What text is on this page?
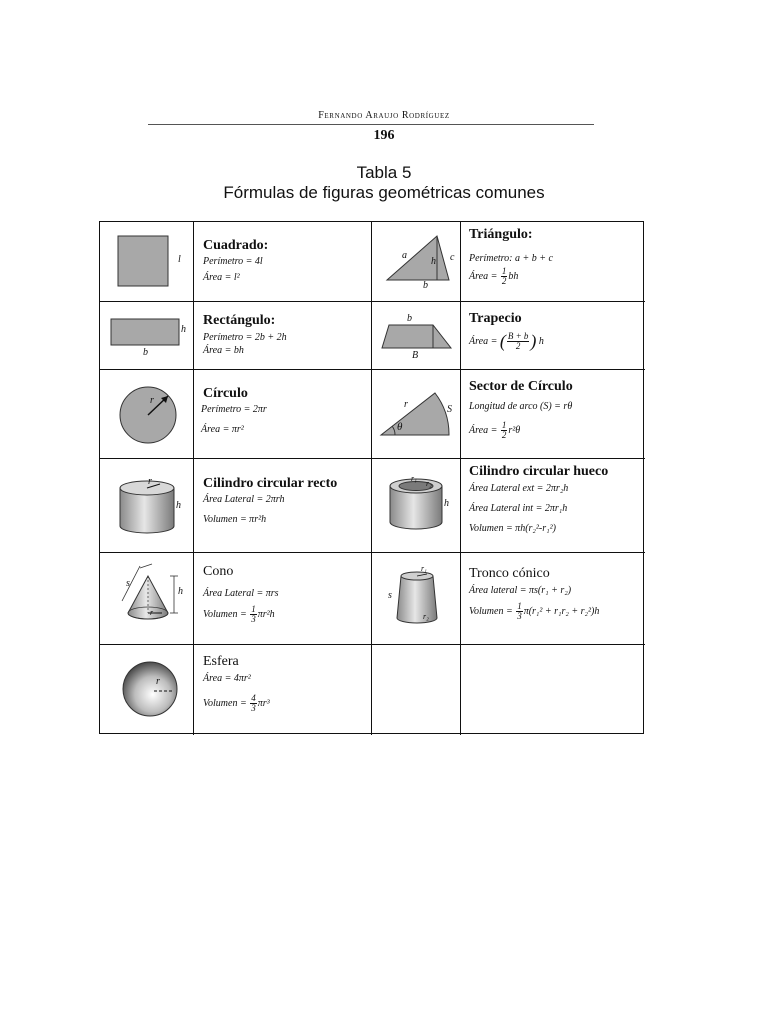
Fernando Araujo Rodríguez
196
Tabla 5
Fórmulas de figuras geométricas comunes
l
Cuadrado:
Perímetro = 4l
Área = l²
a
h c
b
Triángulo:
Perímetro: a + b + c
Área = $\frac{1}{2}$ bh
h
b
Rectángulo:
Perímetro = 2b + 2h
Área = bh
b
B
Trapecio
Área = ( $\frac{B + b}{2}$ ) h
r	Círculo
Perímetro = 2πr
Área = πr²
r	S
θ
Sector de Círculo
Longitud de arco (S) = rθ
Área = $\frac{1}{2} r^2\theta$
r
h
Cilindro circular recto
Área Lateral = 2πrh
Volumen = πr²h
r₁
r₂
h
Cilindro circular hueco
Área Lateral ext = 2πr₂h
Área Lateral int = 2πr₁h
Volumen = πh(r₂²-r₁²)
s
h
r
Cono
Área Lateral = πrs
Volumen = $\frac{1}{3} \pi r^2h$
s
r₁
r₂
Tronco cónico
Área lateral = πs(r₁ + r₂)
Volumen = $\frac{1}{3} \pi(r_1^2 + r_1r_2 + r_2^2)h$
r
Esfera
Área = 4πr²
Volumen = $\frac{4}{3} \pi r^3$
